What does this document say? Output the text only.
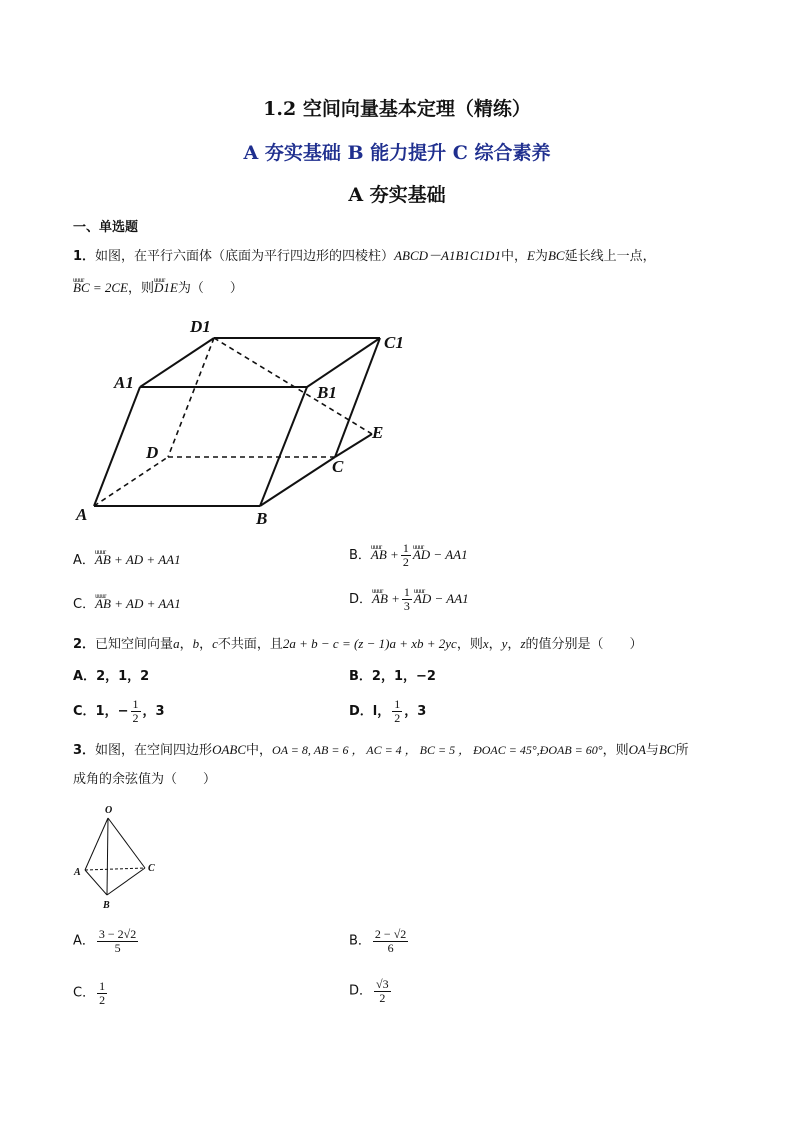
1.2 空间向量基本定理（精练）
A 夯实基础 B 能力提升 C 综合素养
A 夯实基础
一、单选题
1．如图，在平行六面体（底面为平行四边形的四棱柱）ABCD－A1B1C1D1中，E为BC延长线上一点，
uuur BC = 2CE，则uuur D1E为（　　）
D1
C1
A1
B1
D
C
E
A	B
A．uuur AB + AD + AA1	B．uuur AB + $\frac{1}{2}$ uuur AD − AA1
C．uuur AB + AD + AA1	D．uuur AB + $\frac{1}{3}$ uuur AD − AA1
2．已知空间向量a，b，c不共面，且2a + b − c = (z − 1)a + xb + 2yc，则x，y，z的值分别是（　　）
A．2，1，2	B．2，1，−2
C．1，− $\frac{1}{2}$ ，3	D．l， $\frac{1}{2}$ ，3
3．如图，在空间四边形OABC中，OA = 8, AB = 6 ， AC = 4 ， BC = 5 ， ÐOAC = 45°,ÐOAB = 60°，则OA与BC所
成角的余弦值为（　　）
O
A
B
C
A． $\frac{3 - 2√2}{5}$	B． $\frac{2 - √2}{6}$
C． $\frac{1}{2}$	D． $\frac{√3}{2}$
